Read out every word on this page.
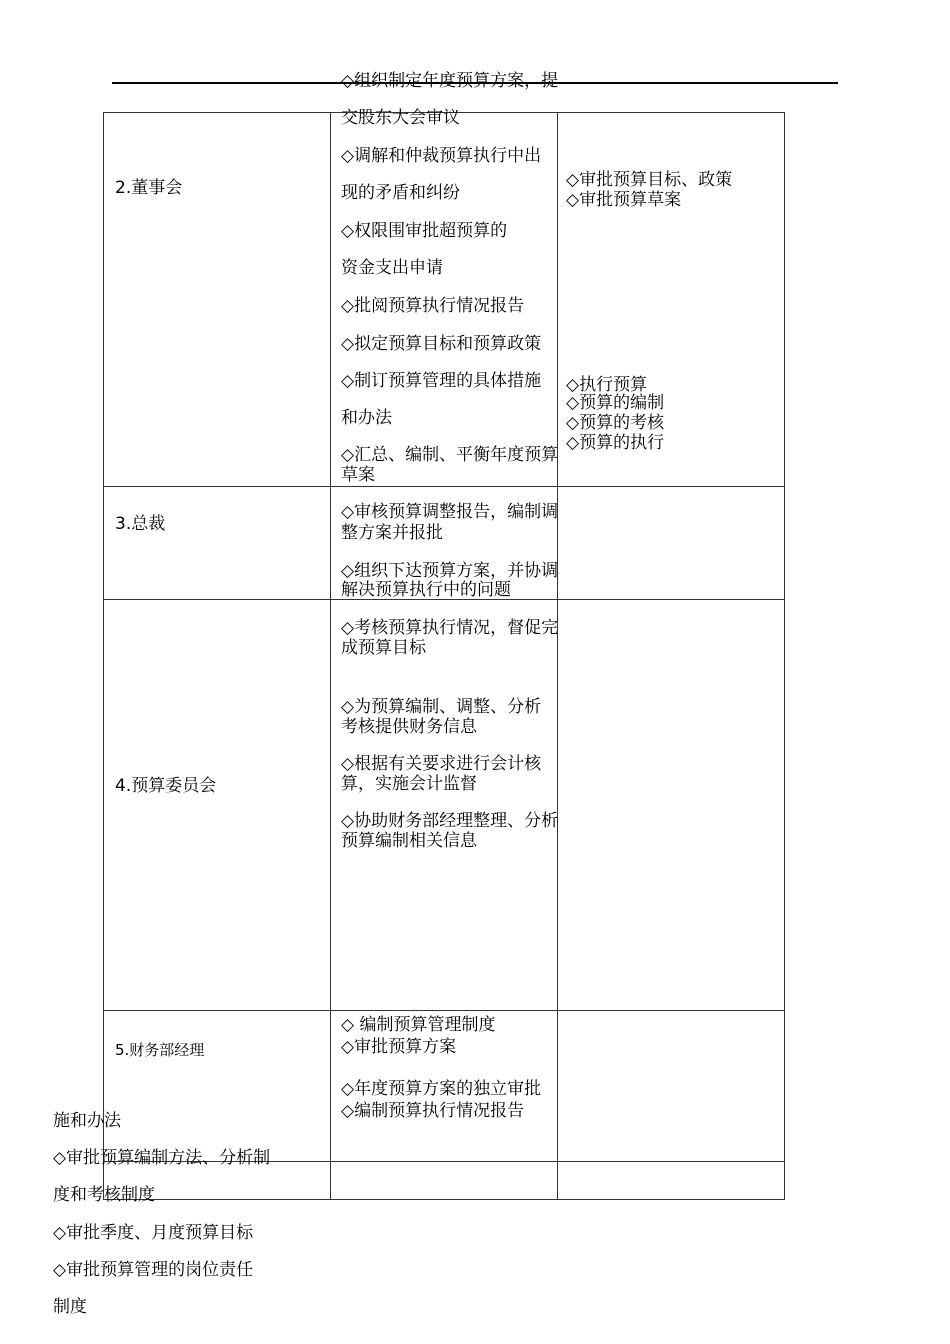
2.董事会
3.总裁
4.预算委员会
5.财务部经理
◇组织制定年度预算方案，提
交股东大会审议
◇调解和仲裁预算执行中出
现的矛盾和纠纷
◇权限围审批超预算的
资金支出申请
◇批阅预算执行情况报告
◇拟定预算目标和预算政策
◇制订预算管理的具体措施
和办法
◇汇总、编制、平衡年度预算
草案
◇审核预算调整报告，编制调
整方案并报批
◇组织下达预算方案，并协调
解决预算执行中的问题
◇考核预算执行情况，督促完
成预算目标
◇为预算编制、调整、分析
考核提供财务信息
◇根据有关要求进行会计核
算，实施会计监督
◇协助财务部经理整理、分析
预算编制相关信息
◇ 编制预算管理制度
◇审批预算方案
◇年度预算方案的独立审批
◇编制预算执行情况报告
◇审批预算目标、政策
◇审批预算草案
◇执行预算
◇预算的编制
◇预算的考核
◇预算的执行
施和办法
◇审批预算编制方法、分析制
度和考核制度
◇审批季度、月度预算目标
◇审批预算管理的岗位责任
制度
